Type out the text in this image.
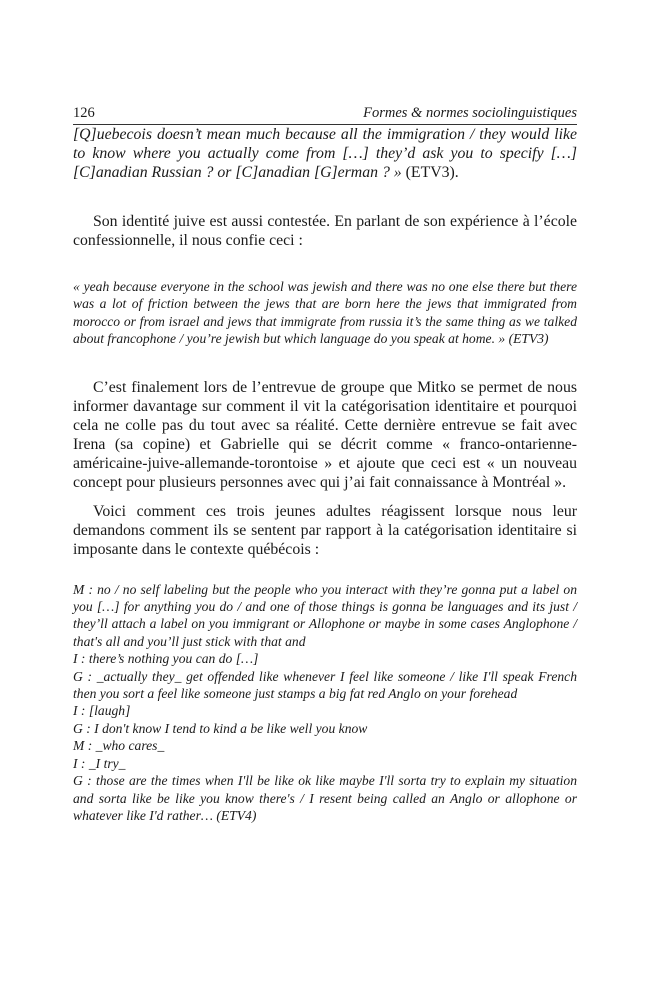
126	Formes & normes sociolinguistiques

[Q]uebecois doesn’t mean much because all the immigration / they would like to know where you actually come from […] they’d ask you to specify […] [C]anadian Russian ? or [C]anadian [G]erman ? » (ETV3).

Son identité juive est aussi contestée. En parlant de son expérience à l’école confessionnelle, il nous confie ceci :

« yeah because everyone in the school was jewish and there was no one else there but there was a lot of friction between the jews that are born here the jews that immigrated from morocco or from israel and jews that immigrate from russia it’s the same thing as we talked about francophone / you’re jewish but which language do you speak at home. » (ETV3)

C’est finalement lors de l’entrevue de groupe que Mitko se permet de nous informer davantage sur comment il vit la catégorisation identitaire et pourquoi cela ne colle pas du tout avec sa réalité. Cette dernière entrevue se fait avec Irena (sa copine) et Gabrielle qui se décrit comme « franco-ontarienne-américaine-juive-allemande-torontoise » et ajoute que ceci est « un nouveau concept pour plusieurs personnes avec qui j’ai fait connaissance à Montréal ».

Voici comment ces trois jeunes adultes réagissent lorsque nous leur demandons comment ils se sentent par rapport à la catégorisation identitaire si imposante dans le contexte québécois :

M : no / no self labeling but the people who you interact with they’re gonna put a label on you […] for anything you do / and one of those things is gonna be languages and its just / they’ll attach a label on you immigrant or Allophone or maybe in some cases Anglophone / that's all and you’ll just stick with that and
I : there’s nothing you can do […]
G : _actually they_ get offended like whenever I feel like someone / like I'll speak French then you sort a feel like someone just stamps a big fat red Anglo on your forehead
I : [laugh]
G : I don't know I tend to kind a be like well you know
M : _who cares_
I : _I try_
G : those are the times when I'll be like ok like maybe I'll sorta try to explain my situation and sorta like be like you know there's / I resent being called an Anglo or allophone or whatever like I'd rather… (ETV4)
